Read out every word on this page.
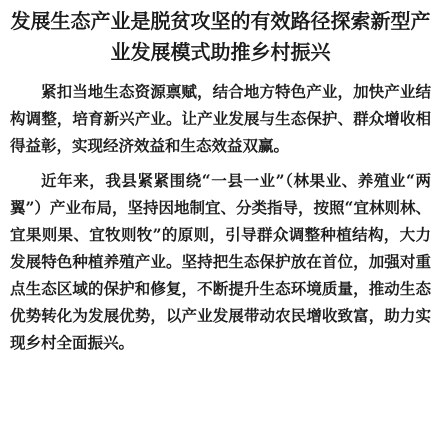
发展生态产业是脱贫攻坚的有效路径探索新型产业发展模式助推乡村振兴

紧扣当地生态资源禀赋，结合地方特色产业，加快产业结构调整，培育新兴产业。让产业发展与生态保护、群众增收相得益彰，实现经济效益和生态效益双赢。

近年来，我县紧紧围绕“一县一业”（林果业、养殖业“两翼”）产业布局，坚持因地制宜、分类指导，按照“宜林则林、宜果则果、宜牧则牧”的原则，引导群众调整种植结构，大力发展特色种植养殖产业。坚持把生态保护放在首位，加强对重点生态区域的保护和修复，不断提升生态环境质量，推动生态优势转化为发展优势，以产业发展带动农民增收致富，助力实现乡村全面振兴。
